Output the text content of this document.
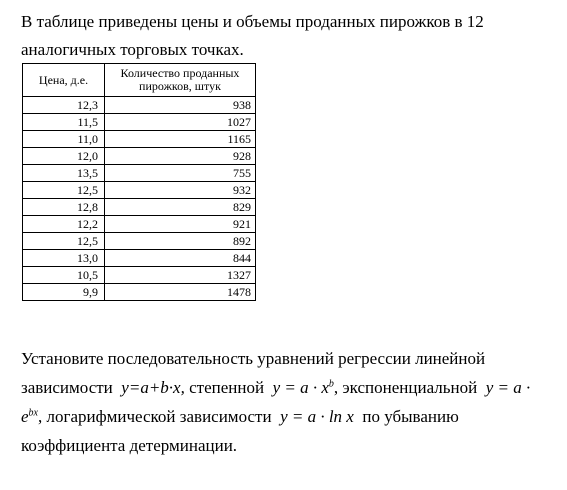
В таблице приведены цены и объемы проданных пирожков в 12 аналогичных торговых точках.
Цена, д.е.	Количество проданных пирожков, штук
12,3	938
11,5	1027
11,0	1165
12,0	928
13,5	755
12,5	932
12,8	829
12,2	921
12,5	892
13,0	844
10,5	1327
9,9	1478
Установите последовательность уравнений регрессии линейной зависимости y=a+b·x, степенной $y = a \cdot x^b$, экспоненциальной $y = a \cdot e^{bx}$, логарифмической зависимости y = a · ln x по убыванию коэффициента детерминации.
